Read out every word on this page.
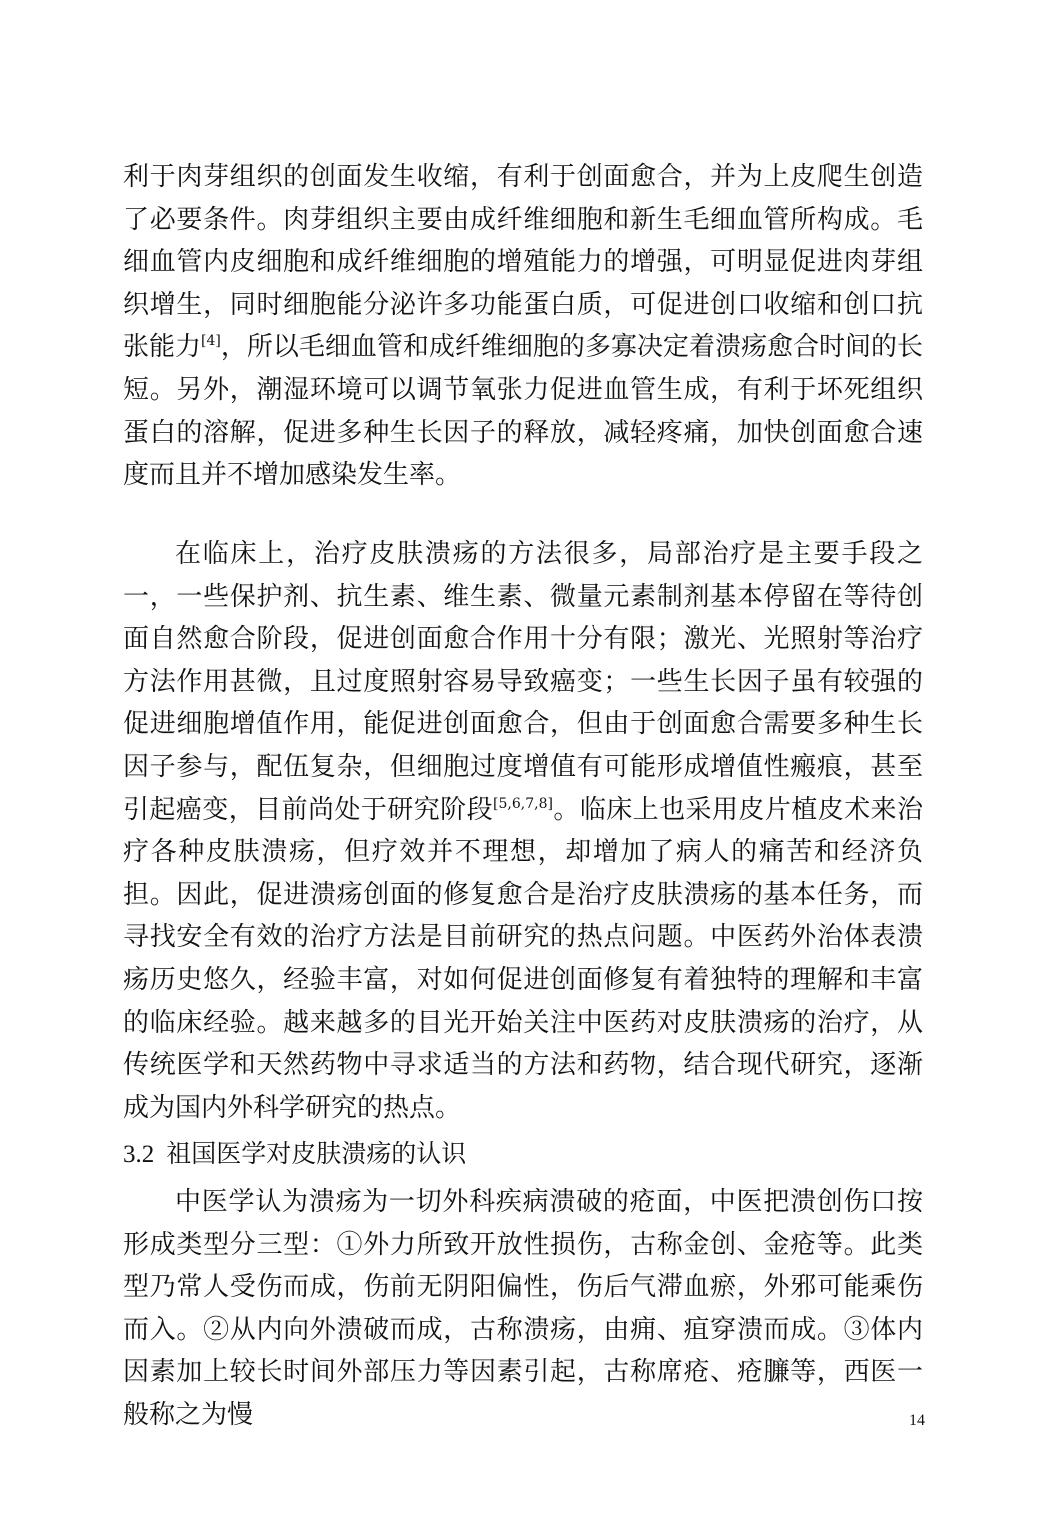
利于肉芽组织的创面发生收缩，有利于创面愈合，并为上皮爬生创造了必要条件。肉芽组织主要由成纤维细胞和新生毛细血管所构成。毛细血管内皮细胞和成纤维细胞的增殖能力的增强，可明显促进肉芽组织增生，同时细胞能分泌许多功能蛋白质，可促进创口收缩和创口抗张能力[4]，所以毛细血管和成纤维细胞的多寡决定着溃疡愈合时间的长短。另外，潮湿环境可以调节氧张力促进血管生成，有利于坏死组织蛋白的溶解，促进多种生长因子的释放，减轻疼痛，加快创面愈合速度而且并不增加感染发生率。

在临床上，治疗皮肤溃疡的方法很多，局部治疗是主要手段之一，一些保护剂、抗生素、维生素、微量元素制剂基本停留在等待创面自然愈合阶段，促进创面愈合作用十分有限；激光、光照射等治疗方法作用甚微，且过度照射容易导致癌变；一些生长因子虽有较强的促进细胞增值作用，能促进创面愈合，但由于创面愈合需要多种生长因子参与，配伍复杂，但细胞过度增值有可能形成增值性瘢痕，甚至引起癌变，目前尚处于研究阶段[5,6,7,8]。临床上也采用皮片植皮术来治疗各种皮肤溃疡，但疗效并不理想，却增加了病人的痛苦和经济负担。因此，促进溃疡创面的修复愈合是治疗皮肤溃疡的基本任务，而寻找安全有效的治疗方法是目前研究的热点问题。中医药外治体表溃疡历史悠久，经验丰富，对如何促进创面修复有着独特的理解和丰富的临床经验。越来越多的目光开始关注中医药对皮肤溃疡的治疗，从传统医学和天然药物中寻求适当的方法和药物，结合现代研究，逐渐成为国内外科学研究的热点。

3.2 祖国医学对皮肤溃疡的认识

中医学认为溃疡为一切外科疾病溃破的疮面，中医把溃创伤口按形成类型分三型：①外力所致开放性损伤，古称金创、金疮等。此类型乃常人受伤而成，伤前无阴阳偏性，伤后气滞血瘀，外邪可能乘伤而入。②从内向外溃破而成，古称溃疡，由痈、疽穿溃而成。③体内因素加上较长时间外部压力等因素引起，古称席疮、疮臁等，西医一般称之为慢	14
